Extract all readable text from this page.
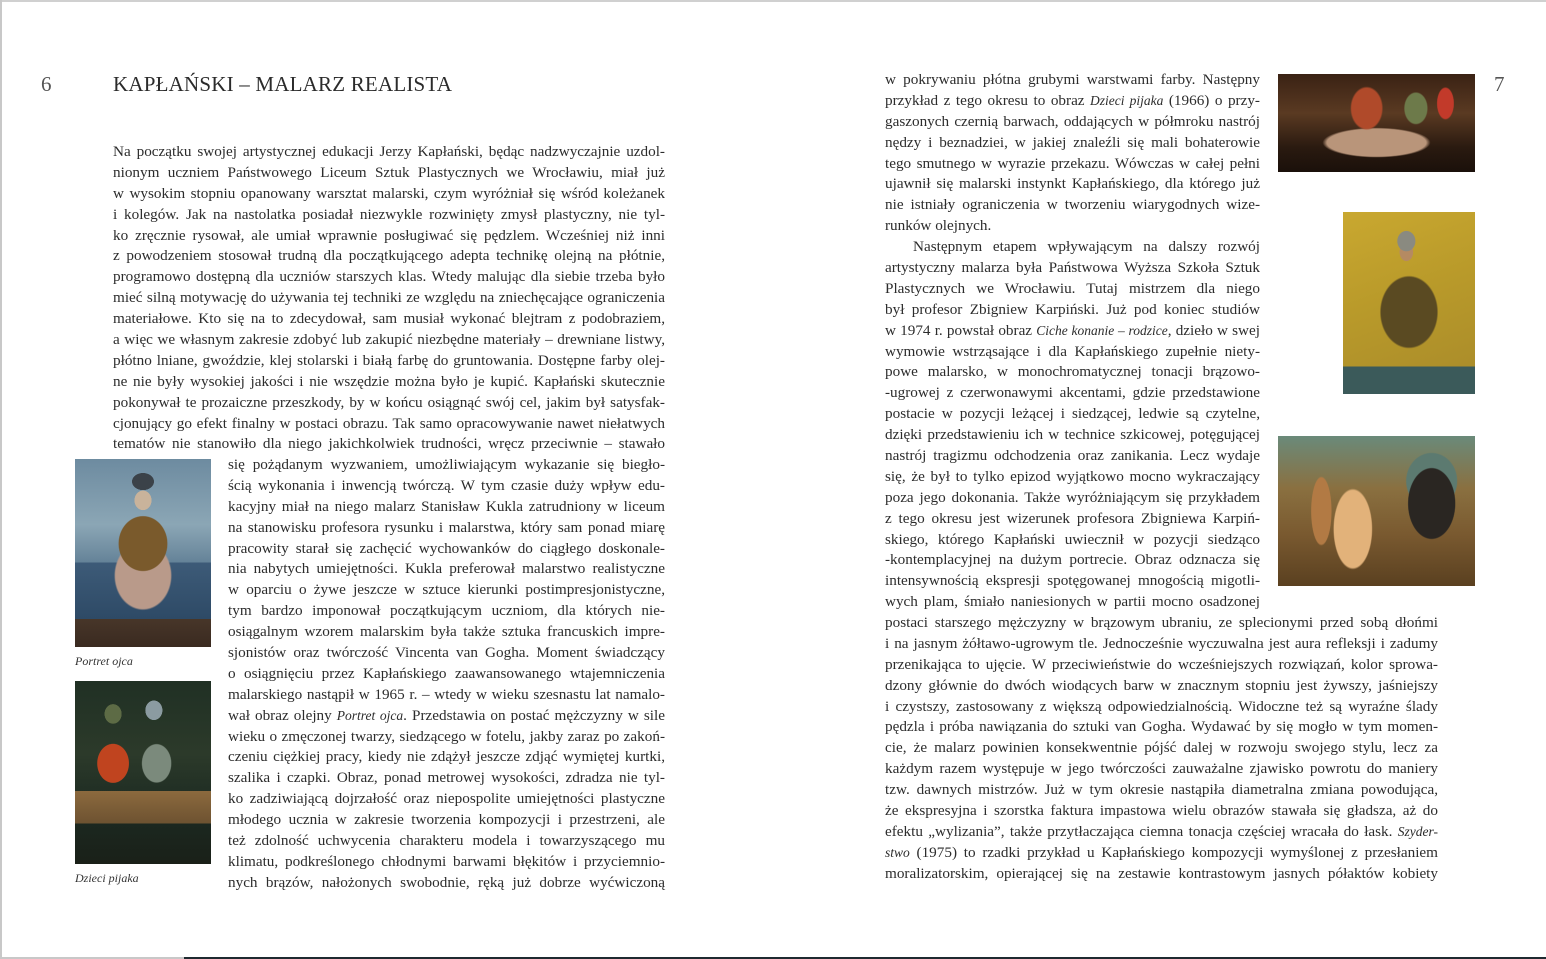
6	KAPŁAŃSKI – MALARZ REALISTA
Na początku swojej artystycznej edukacji Jerzy Kapłański, będąc nadzwyczajnie uzdol-
nionym uczniem Państwowego Liceum Sztuk Plastycznych we Wrocławiu, miał już
w wysokim stopniu opanowany warsztat malarski, czym wyróżniał się wśród koleżanek
i kolegów. Jak na nastolatka posiadał niezwykle rozwinięty zmysł plastyczny, nie tyl-
ko zręcznie rysował, ale umiał wprawnie posługiwać się pędzlem. Wcześniej niż inni
z powodzeniem stosował trudną dla początkującego adepta technikę olejną na płótnie,
programowo dostępną dla uczniów starszych klas. Wtedy malując dla siebie trzeba było
mieć silną motywację do używania tej techniki ze względu na zniechęcające ograniczenia
materiałowe. Kto się na to zdecydował, sam musiał wykonać blejtram z podobraziem,
a więc we własnym zakresie zdobyć lub zakupić niezbędne materiały – drewniane listwy,
płótno lniane, gwoździe, klej stolarski i białą farbę do gruntowania. Dostępne farby olej-
ne nie były wysokiej jakości i nie wszędzie można było je kupić. Kapłański skutecznie
pokonywał te prozaiczne przeszkody, by w końcu osiągnąć swój cel, jakim był satysfak-
cjonujący go efekt finalny w postaci obrazu. Tak samo opracowywanie nawet niełatwych
tematów nie stanowiło dla niego jakichkolwiek trudności, wręcz przeciwnie – stawało
się pożądanym wyzwaniem, umożliwiającym wykazanie się biegło-
ścią wykonania i inwencją twórczą. W tym czasie duży wpływ edu-
kacyjny miał na niego malarz Stanisław Kukla zatrudniony w liceum
na stanowisku profesora rysunku i malarstwa, który sam ponad miarę
pracowity starał się zachęcić wychowanków do ciągłego doskonale-
nia nabytych umiejętności. Kukla preferował malarstwo realistyczne
w oparciu o żywe jeszcze w sztuce kierunki postimpresjonistyczne,
tym bardzo imponował początkującym uczniom, dla których nie-
osiągalnym wzorem malarskim była także sztuka francuskich impre-
sjonistów oraz twórczość Vincenta van Gogha. Moment świadczący
o osiągnięciu przez Kapłańskiego zaawansowanego wtajemniczenia
malarskiego nastąpił w 1965 r. – wtedy w wieku szesnastu lat namalo-
wał obraz olejny Portret ojca. Przedstawia on postać mężczyzny w sile
wieku o zmęczonej twarzy, siedzącego w fotelu, jakby zaraz po zakoń-
czeniu ciężkiej pracy, kiedy nie zdążył jeszcze zdjąć wymiętej kurtki,
szalika i czapki. Obraz, ponad metrowej wysokości, zdradza nie tyl-
ko zadziwiającą dojrzałość oraz niepospolite umiejętności plastyczne
młodego ucznia w zakresie tworzenia kompozycji i przestrzeni, ale
też zdolność uchwycenia charakteru modela i towarzyszącego mu
klimatu, podkreślonego chłodnymi barwami błękitów i przyciemnio-
nych brązów, nałożonych swobodnie, ręką już dobrze wyćwiczoną
Portret ojca
Dzieci pijaka
7
w pokrywaniu płótna grubymi warstwami farby. Następny
przykład z tego okresu to obraz Dzieci pijaka (1966) o przy-
gaszonych czernią barwach, oddających w półmroku nastrój
nędzy i beznadziei, w jakiej znaleźli się mali bohaterowie
tego smutnego w wyrazie przekazu. Wówczas w całej pełni
ujawnił się malarski instynkt Kapłańskiego, dla którego już
nie istniały ograniczenia w tworzeniu wiarygodnych wize-
runków olejnych.
Następnym etapem wpływającym na dalszy rozwój
artystyczny malarza była Państwowa Wyższa Szkoła Sztuk
Plastycznych we Wrocławiu. Tutaj mistrzem dla niego
był profesor Zbigniew Karpiński. Już pod koniec studiów
w 1974 r. powstał obraz Ciche konanie – rodzice, dzieło w swej
wymowie wstrząsające i dla Kapłańskiego zupełnie niety-
powe malarsko, w monochromatycznej tonacji brązowo-
-ugrowej z czerwonawymi akcentami, gdzie przedstawione
postacie w pozycji leżącej i siedzącej, ledwie są czytelne,
dzięki przedstawieniu ich w technice szkicowej, potęgującej
nastrój tragizmu odchodzenia oraz zanikania. Lecz wydaje
się, że był to tylko epizod wyjątkowo mocno wykraczający
poza jego dokonania. Także wyróżniającym się przykładem
z tego okresu jest wizerunek profesora Zbigniewa Karpiń-
skiego, którego Kapłański uwiecznił w pozycji siedząco
-kontemplacyjnej na dużym portrecie. Obraz odznacza się
intensywnością ekspresji spotęgowanej mnogością migotli-
wych plam, śmiało naniesionych w partii mocno osadzonej
postaci starszego mężczyzny w brązowym ubraniu, ze splecionymi przed sobą dłońmi
i na jasnym żółtawo-ugrowym tle. Jednocześnie wyczuwalna jest aura refleksji i zadumy
przenikająca to ujęcie. W przeciwieństwie do wcześniejszych rozwiązań, kolor sprowa-
dzony głównie do dwóch wiodących barw w znacznym stopniu jest żywszy, jaśniejszy
i czystszy, zastosowany z większą odpowiedzialnością. Widoczne też są wyraźne ślady
pędzla i próba nawiązania do sztuki van Gogha. Wydawać by się mogło w tym momen-
cie, że malarz powinien konsekwentnie pójść dalej w rozwoju swojego stylu, lecz za
każdym razem występuje w jego twórczości zauważalne zjawisko powrotu do maniery
tzw. dawnych mistrzów. Już w tym okresie nastąpiła diametralna zmiana powodująca,
że ekspresyjna i szorstka faktura impastowa wielu obrazów stawała się gładsza, aż do
efektu „wylizania”, także przytłaczająca ciemna tonacja częściej wracała do łask. Szyder-
stwo (1975) to rzadki przykład u Kapłańskiego kompozycji wymyślonej z przesłaniem
moralizatorskim, opierającej się na zestawie kontrastowym jasnych półaktów kobiety
